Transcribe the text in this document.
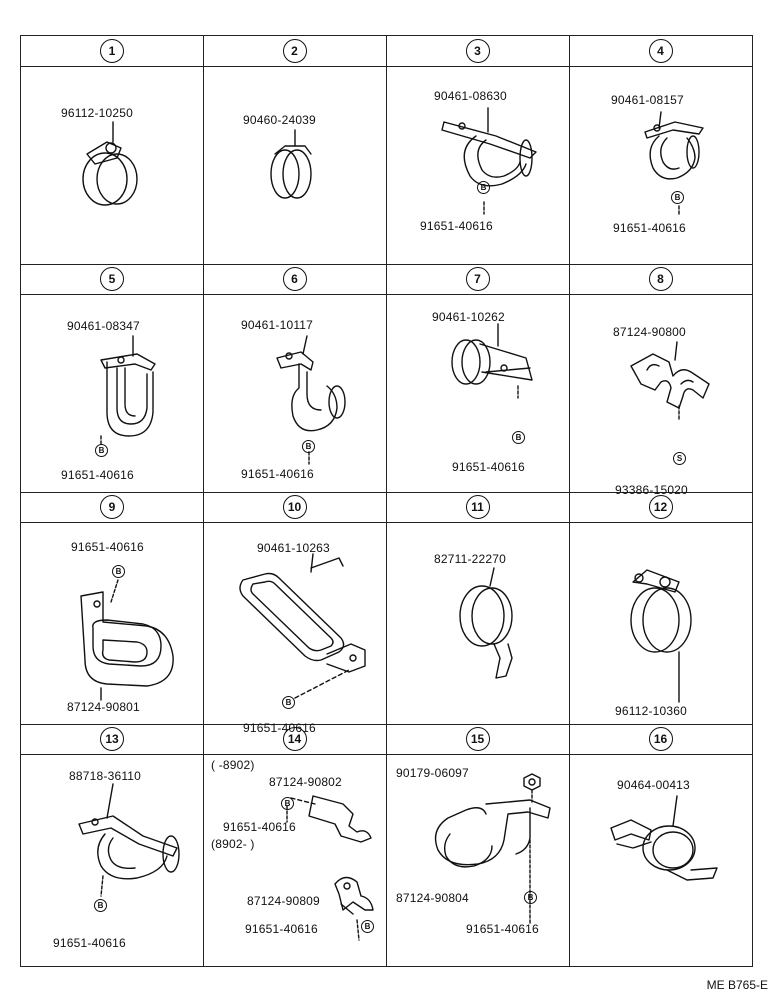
1
96112-10250
2
90460-24039
3
90461-08630
B
91651-40616
4
90461-08157
B
91651-40616
5
90461-08347
B
91651-40616
6
90461-10117
B
91651-40616
7
90461-10262
B
91651-40616
8
87124-90800
S
93386-15020
9
91651-40616
B
87124-90801
10
90461-10263
B
91651-40616
11
82711-22270
12
96112-10360
13
88718-36110
B
91651-40616
14
( -8902)
87124-90802
B
91651-40616
(8902- )
87124-90809
B
91651-40616
15
90179-06097
87124-90804	B
91651-40616
16
90464-00413
ME B765-E
